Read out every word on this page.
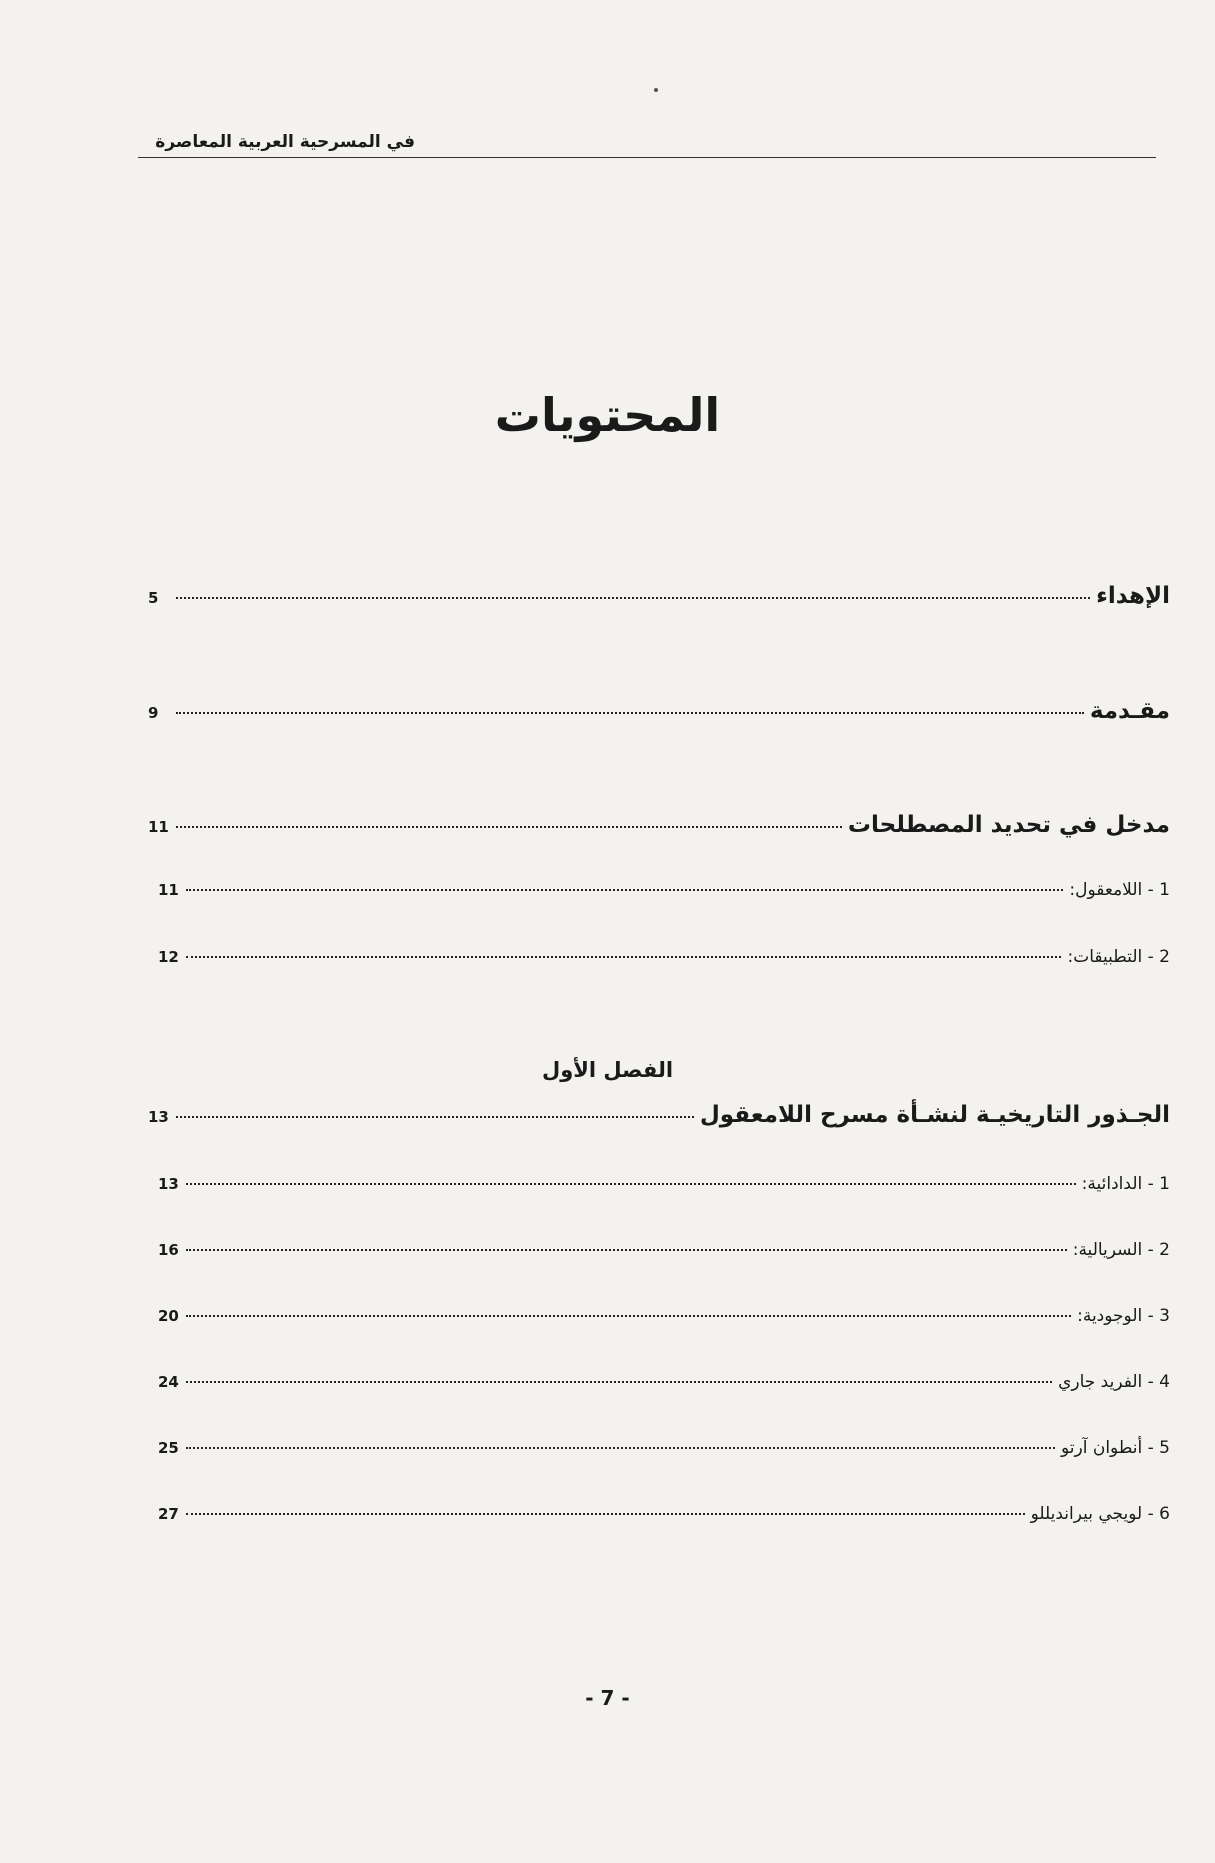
في المسرحية العربية المعاصرة
المحتويات
الإهداء
5
مقـدمة
9
مدخل في تحديد المصطلحات
11
1 - اللامعقول:
11
2 - التطبيقات:
12
الفصل الأول
الجـذور التاريخيـة لنشـأة مسرح اللامعقول
13
1 - الدادائية:
13
2 - السريالية:
16
3 - الوجودية:
20
4 - الفريد جاري
24
5 - أنطوان آرتو
25
6 - لويجي بيرانديللو
27
- 7 -
